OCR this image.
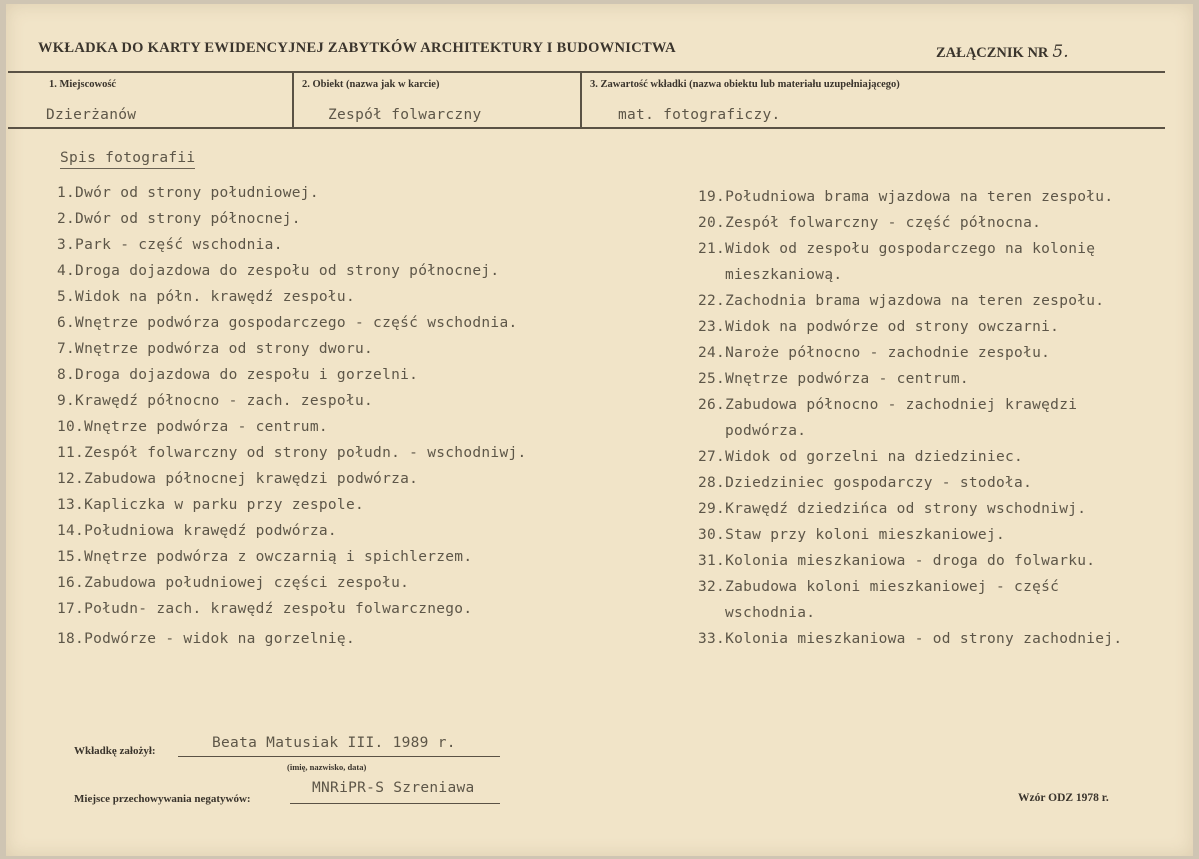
WKŁADKA DO KARTY EWIDENCYJNEJ ZABYTKÓW ARCHITEKTURY I BUDOWNICTWA	ZAŁĄCZNIK NR 5.
1. Miejscowość
Dzierżanów
2. Obiekt (nazwa jak w karcie)
Zespół folwarczny
3. Zawartość wkładki (nazwa obiektu lub materiału uzupełniającego)
mat. fotograficzy.
Spis fotografii
1.Dwór od strony południowej.
2.Dwór od strony północnej.
3.Park - część wschodnia.
4.Droga dojazdowa do zespołu od strony północnej.
5.Widok na półn. krawędź zespołu.
6.Wnętrze podwórza gospodarczego - część wschodnia.
7.Wnętrze podwórza od strony dworu.
8.Droga dojazdowa do zespołu i gorzelni.
9.Krawędź północno - zach. zespołu.
10.Wnętrze podwórza - centrum.
11.Zespół folwarczny od strony połudn. - wschodniwj.
12.Zabudowa północnej krawędzi podwórza.
13.Kapliczka w parku przy zespole.
14.Południowa krawędź podwórza.
15.Wnętrze podwórza z owczarnią i spichlerzem.
16.Zabudowa południowej części zespołu.
17.Połudn- zach. krawędź zespołu folwarcznego.
18.Podwórze - widok na gorzelnię.
19.Południowa brama wjazdowa na teren zespołu.
20.Zespół folwarczny - część północna.
21.Widok od zespołu gospodarczego na kolonię
mieszkaniową.
22.Zachodnia brama wjazdowa na teren zespołu.
23.Widok na podwórze od strony owczarni.
24.Narożе północno - zachodnie zespołu.
25.Wnętrze podwórza - centrum.
26.Zabudowa północno - zachodniej krawędzi
podwórza.
27.Widok od gorzelni na dziedziniec.
28.Dziedziniec gospodarczy - stodoła.
29.Krawędź dziedzińca od strony wschodniwj.
30.Staw przy koloni mieszkaniowej.
31.Kolonia mieszkaniowa - droga do folwarku.
32.Zabudowa koloni mieszkaniowej - część
wschodnia.
33.Kolonia mieszkaniowa - od strony zachodniej.
Wkładkę założył:	Beata Matusiak III. 1989 r.
(imię, nazwisko, data)
Miejsce przechowywania negatywów:
MNRiPR-S Szreniawa
Wzór ODZ 1978 r.
